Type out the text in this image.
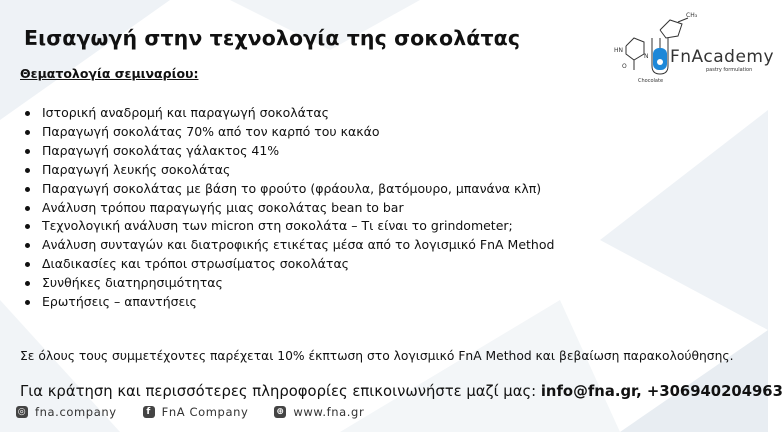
Εισαγωγή στην τεχνολογία της σοκολάτας
CH₃
HN
O
N
Chocolate
FnAcademy
pastry formulation
Θεματολογία σεμιναρίου:
Ιστορική αναδρομή και παραγωγή σοκολάτας
Παραγωγή σοκολάτας 70% από τον καρπό του κακάο
Παραγωγή σοκολάτας γάλακτος 41%
Παραγωγή λευκής σοκολάτας
Παραγωγή σοκολάτας με βάση το φρούτο (φράουλα, βατόμουρο, μπανάνα κλπ)
Ανάλυση τρόπου παραγωγής μιας σοκολάτας bean to bar
Τεχνολογική ανάλυση των micron στη σοκολάτα – Τι είναι το grindometer;
Ανάλυση συνταγών και διατροφικής ετικέτας μέσα από το λογισμικό FnA Method
Διαδικασίες και τρόποι στρωσίματος σοκολάτας
Συνθήκες διατηρησιμότητας
Ερωτήσεις – απαντήσεις
Σε όλους τους συμμετέχοντες παρέχεται 10% έκπτωση στο λογισμικό FnA Method και βεβαίωση παρακολούθησης.
Για κράτηση και περισσότερες πληροφορίες επικοινωνήστε μαζί μας: info@fna.gr, +306940204963
◎ fna.company	f FnA Company	⊕ www.fna.gr
